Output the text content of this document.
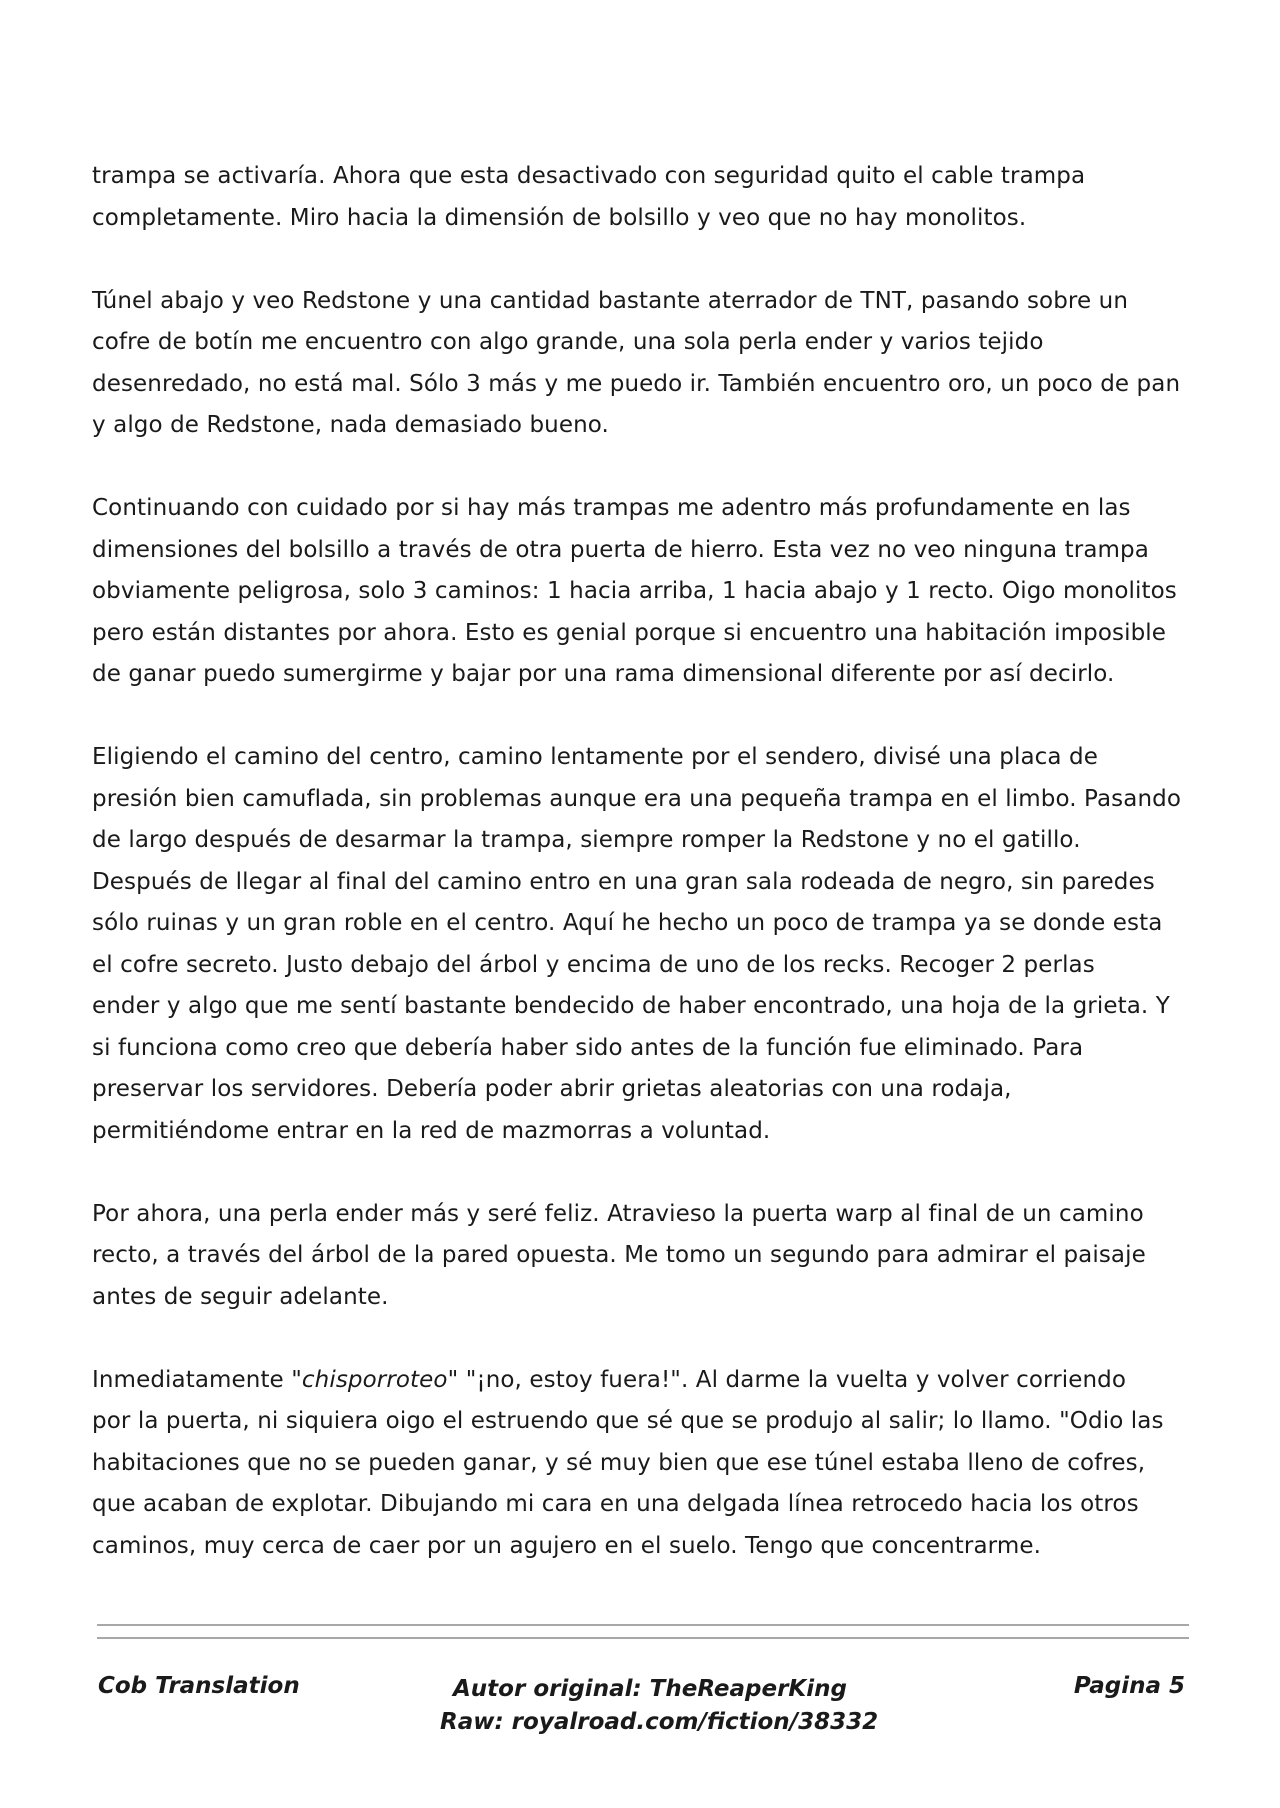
trampa se activaría. Ahora que esta desactivado con seguridad quito el cable trampa
completamente. Miro hacia la dimensión de bolsillo y veo que no hay monolitos.

Túnel abajo y veo Redstone y una cantidad bastante aterrador de TNT, pasando sobre un
cofre de botín me encuentro con algo grande, una sola perla ender y varios tejido
desenredado, no está mal. Sólo 3 más y me puedo ir. También encuentro oro, un poco de pan
y algo de Redstone, nada demasiado bueno.

Continuando con cuidado por si hay más trampas me adentro más profundamente en las
dimensiones del bolsillo a través de otra puerta de hierro. Esta vez no veo ninguna trampa
obviamente peligrosa, solo 3 caminos: 1 hacia arriba, 1 hacia abajo y 1 recto. Oigo monolitos
pero están distantes por ahora. Esto es genial porque si encuentro una habitación imposible
de ganar puedo sumergirme y bajar por una rama dimensional diferente por así decirlo.

Eligiendo el camino del centro, camino lentamente por el sendero, divisé una placa de
presión bien camuflada, sin problemas aunque era una pequeña trampa en el limbo. Pasando
de largo después de desarmar la trampa, siempre romper la Redstone y no el gatillo.
Después de llegar al final del camino entro en una gran sala rodeada de negro, sin paredes
sólo ruinas y un gran roble en el centro. Aquí he hecho un poco de trampa ya se donde esta
el cofre secreto. Justo debajo del árbol y encima de uno de los recks. Recoger 2 perlas
ender y algo que me sentí bastante bendecido de haber encontrado, una hoja de la grieta. Y
si funciona como creo que debería haber sido antes de la función fue eliminado. Para
preservar los servidores. Debería poder abrir grietas aleatorias con una rodaja,
permitiéndome entrar en la red de mazmorras a voluntad.

Por ahora, una perla ender más y seré feliz. Atravieso la puerta warp al final de un camino
recto, a través del árbol de la pared opuesta. Me tomo un segundo para admirar el paisaje
antes de seguir adelante.

Inmediatamente "chisporroteo" "¡no, estoy fuera!". Al darme la vuelta y volver corriendo
por la puerta, ni siquiera oigo el estruendo que sé que se produjo al salir; lo llamo. "Odio las
habitaciones que no se pueden ganar, y sé muy bien que ese túnel estaba lleno de cofres,
que acaban de explotar. Dibujando mi cara en una delgada línea retrocedo hacia los otros
caminos, muy cerca de caer por un agujero en el suelo. Tengo que concentrarme.

Cob Translation	Autor original: TheReaperKing
Raw: royalroad.com/fiction/38332
Pagina 5
